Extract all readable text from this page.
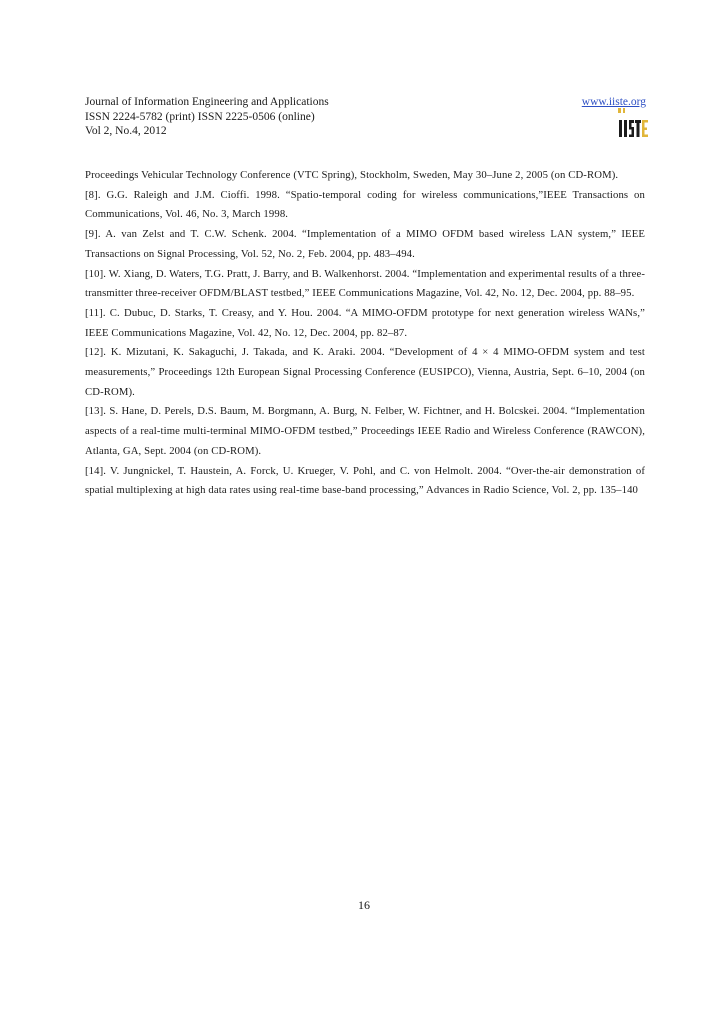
Journal of Information Engineering and Applications
ISSN 2224-5782 (print) ISSN 2225-0506 (online)
Vol 2, No.4, 2012
www.iiste.org

Proceedings Vehicular Technology Conference (VTC Spring), Stockholm, Sweden, May 30–June 2, 2005 (on CD-ROM).

[8]. G.G. Raleigh and J.M. Cioffi. 1998. “Spatio-temporal coding for wireless communications,”IEEE Transactions on Communications, Vol. 46, No. 3, March 1998.

[9]. A. van Zelst and T. C.W. Schenk. 2004. “Implementation of a MIMO OFDM based wireless LAN system,” IEEE Transactions on Signal Processing, Vol. 52, No. 2, Feb. 2004, pp. 483–494.

[10]. W. Xiang, D. Waters, T.G. Pratt, J. Barry, and B. Walkenhorst. 2004. “Implementation and experimental results of a three-transmitter three-receiver OFDM/BLAST testbed,” IEEE Communications Magazine, Vol. 42, No. 12, Dec. 2004, pp. 88–95.

[11]. C. Dubuc, D. Starks, T. Creasy, and Y. Hou. 2004. “A MIMO-OFDM prototype for next generation wireless WANs,” IEEE Communications Magazine, Vol. 42, No. 12, Dec. 2004, pp. 82–87.

[12]. K. Mizutani, K. Sakaguchi, J. Takada, and K. Araki. 2004. “Development of 4 × 4 MIMO-OFDM system and test measurements,” Proceedings 12th European Signal Processing Conference (EUSIPCO), Vienna, Austria, Sept. 6–10, 2004 (on CD-ROM).

[13]. S. Hane, D. Perels, D.S. Baum, M. Borgmann, A. Burg, N. Felber, W. Fichtner, and H. Bolcskei. 2004. “Implementation aspects of a real-time multi-terminal MIMO-OFDM testbed,” Proceedings IEEE Radio and Wireless Conference (RAWCON), Atlanta, GA, Sept. 2004 (on CD-ROM).

[14]. V. Jungnickel, T. Haustein, A. Forck, U. Krueger, V. Pohl, and C. von Helmolt. 2004. “Over-the-air demonstration of spatial multiplexing at high data rates using real-time base-band processing,” Advances in Radio Science, Vol. 2, pp. 135–140

16
